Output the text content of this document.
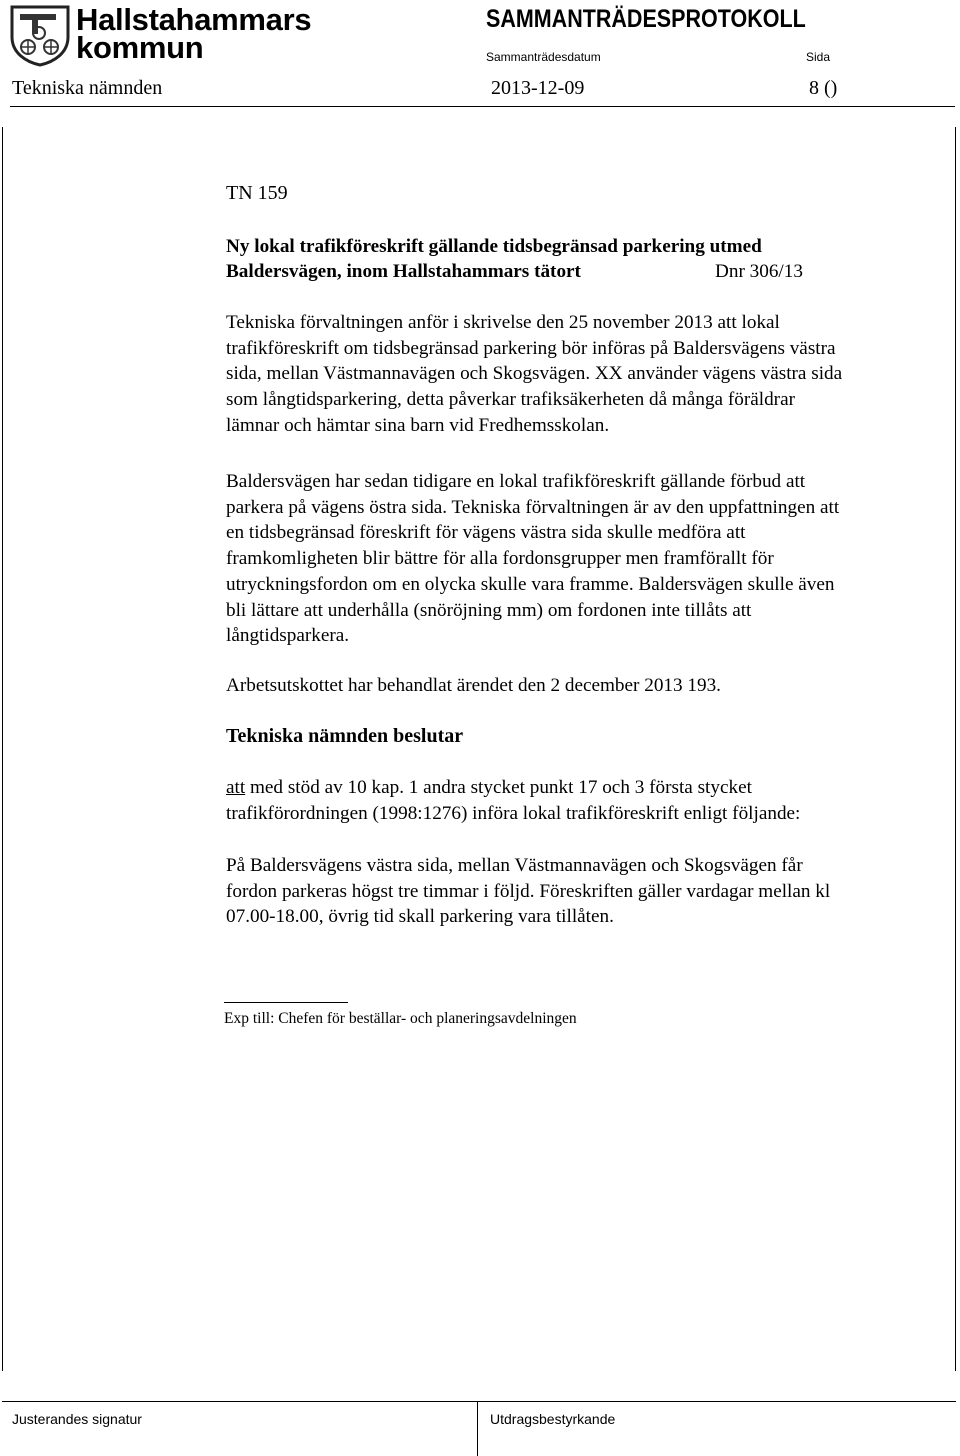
Hallstahammars
kommun
SAMMANTRÄDESPROTOKOLL
Sammanträdesdatum	Sida
Tekniska nämnden	2013-12-09	8 ()
TN 159
Ny lokal trafikföreskrift gällande tidsbegränsad parkering utmed
Baldersvägen, inom Hallstahammars tätort	Dnr 306/13
Tekniska förvaltningen anför i skrivelse den 25 november 2013 att lokal
trafikföreskrift om tidsbegränsad parkering bör införas på Baldersvägens västra
sida, mellan Västmannavägen och Skogsvägen. XX använder vägens västra sida
som långtidsparkering, detta påverkar trafiksäkerheten då många föräldrar
lämnar och hämtar sina barn vid Fredhemsskolan.
Baldersvägen har sedan tidigare en lokal trafikföreskrift gällande förbud att
parkera på vägens östra sida. Tekniska förvaltningen är av den uppfattningen att
en tidsbegränsad föreskrift för vägens västra sida skulle medföra att
framkomligheten blir bättre för alla fordonsgrupper men framförallt för
utryckningsfordon om en olycka skulle vara framme. Baldersvägen skulle även
bli lättare att underhålla (snöröjning mm) om fordonen inte tillåts att
långtidsparkera.
Arbetsutskottet har behandlat ärendet den 2 december 2013 193.
Tekniska nämnden beslutar
att med stöd av 10 kap. 1 andra stycket punkt 17 och 3 första stycket
trafikförordningen (1998:1276) införa lokal trafikföreskrift enligt följande:
På Baldersvägens västra sida, mellan Västmannavägen och Skogsvägen får
fordon parkeras högst tre timmar i följd. Föreskriften gäller vardagar mellan kl
07.00-18.00, övrig tid skall parkering vara tillåten.
Exp till: Chefen för beställar- och planeringsavdelningen
Justerandes signatur	Utdragsbestyrkande
